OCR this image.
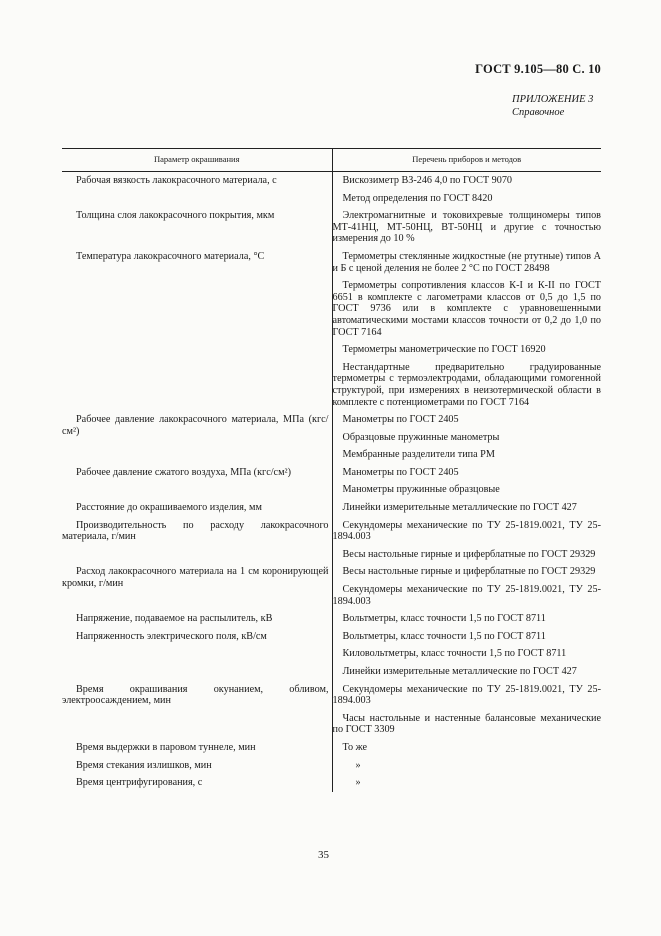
ГОСТ 9.105—80 С. 10
ПРИЛОЖЕНИЕ 3
Справочное
Параметр окрашивания	Перечень приборов и методов

Рабочая вязкость лакокрасочного материала, с	Вискозиметр ВЗ-246 4,0 по ГОСТ 9070
Метод определения по ГОСТ 8420

Толщина слоя лакокрасочного покрытия, мкм	Электромагнитные и токовихревые толщиномеры типов МТ-41НЦ, МТ-50НЦ, ВТ-50НЦ и другие с точностью измерения до 10 %

Температура лакокрасочного материала, °С	Термометры стеклянные жидкостные (не ртутные) типов А и Б с ценой деления не более 2 °С по ГОСТ 28498
Термометры сопротивления классов К-I и К-II по ГОСТ 6651 в комплекте с лагометрами классов от 0,5 до 1,5 по ГОСТ 9736 или в комплекте с уравновешенными автоматическими мостами классов точности от 0,2 до 1,0 по ГОСТ 7164
Термометры манометрические по ГОСТ 16920
Нестандартные предварительно градуированные термометры с термоэлектродами, обладающими гомогенной структурой, при измерениях в неизотермической области в комплекте с потенциометрами по ГОСТ 7164

Рабочее давление лакокрасочного материала, МПа (кгс/см²)	Манометры по ГОСТ 2405
Образцовые пружинные манометры
Мембранные разделители типа РМ

Рабочее давление сжатого воздуха, МПа (кгс/см²)	Манометры по ГОСТ 2405
Манометры пружинные образцовые

Расстояние до окрашиваемого изделия, мм	Линейки измерительные металлические по ГОСТ 427

Производительность по расходу лакокрасочного материала, г/мин	Секундомеры механические по ТУ 25-1819.0021, ТУ 25-1894.003
Весы настольные гирные и циферблатные по ГОСТ 29329

Расход лакокрасочного материала на 1 см коронирующей кромки, г/мин	Весы настольные гирные и циферблатные по ГОСТ 29329
Секундомеры механические по ТУ 25-1819.0021, ТУ 25-1894.003

Напряжение, подаваемое на распылитель, кВ	Вольтметры, класс точности 1,5 по ГОСТ 8711

Напряженность электрического поля, кВ/см	Вольтметры, класс точности 1,5 по ГОСТ 8711
Киловольтметры, класс точности 1,5 по ГОСТ 8711
Линейки измерительные металлические по ГОСТ 427

Время окрашивания окунанием, обливом, электроосаждением, мин	Секундомеры механические по ТУ 25-1819.0021, ТУ 25-1894.003
Часы настольные и настенные балансовые механические по ГОСТ 3309

Время выдержки в паровом туннеле, мин	То же

Время стекания излишков, мин	»

Время центрифугирования, с	»
35
